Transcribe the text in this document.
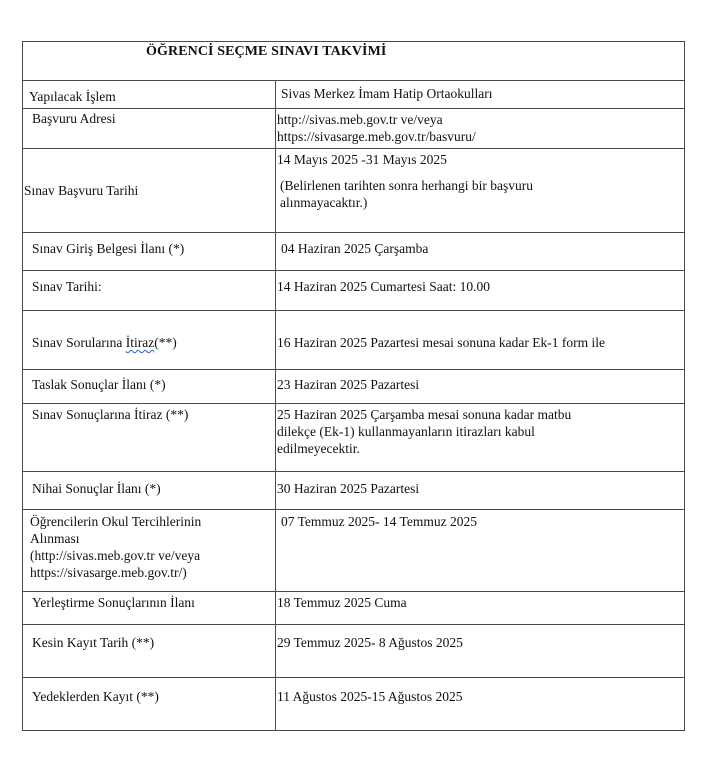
ÖĞRENCİ SEÇME SINAVI TAKVİMİ	
Yapılacak İşlem	Sivas Merkez İmam Hatip Ortaokulları
Başvuru Adresi	http://sivas.meb.gov.tr ve/veya
https://sivasarge.meb.gov.tr/basvuru/

Sınav Başvuru Tarihi	14 Mayıs 2025 -31 Mayıs 2025
(Belirlenen tarihten sonra herhangi bir başvuru
alınmayacaktır.)

Sınav Giriş Belgesi İlanı (*)	04 Haziran 2025 Çarşamba
Sınav Tarihi:	14 Haziran 2025 Cumartesi Saat: 10.00
Sınav Sorularına İtiraz(**)	16 Haziran 2025 Pazartesi mesai sonuna kadar Ek-1 form ile
Taslak Sonuçlar İlanı (*)	23 Haziran 2025 Pazartesi
Sınav Sonuçlarına İtiraz (**)	25 Haziran 2025 Çarşamba mesai sonuna kadar matbu
dilekçe (Ek-1) kullanmayanların itirazları kabul
edilmeyecektir.

Nihai Sonuçlar İlanı (*)	30 Haziran 2025 Pazartesi

Öğrencilerin Okul Tercihlerinin
Alınması
(http://sivas.meb.gov.tr ve/veya
https://sivasarge.meb.gov.tr/)	07 Temmuz 2025- 14 Temmuz 2025
Yerleştirme Sonuçlarının İlanı	18 Temmuz 2025 Cuma
Kesin Kayıt Tarih (**)	29 Temmuz 2025- 8 Ağustos 2025
Yedeklerden Kayıt (**)	11 Ağustos 2025-15 Ağustos 2025
